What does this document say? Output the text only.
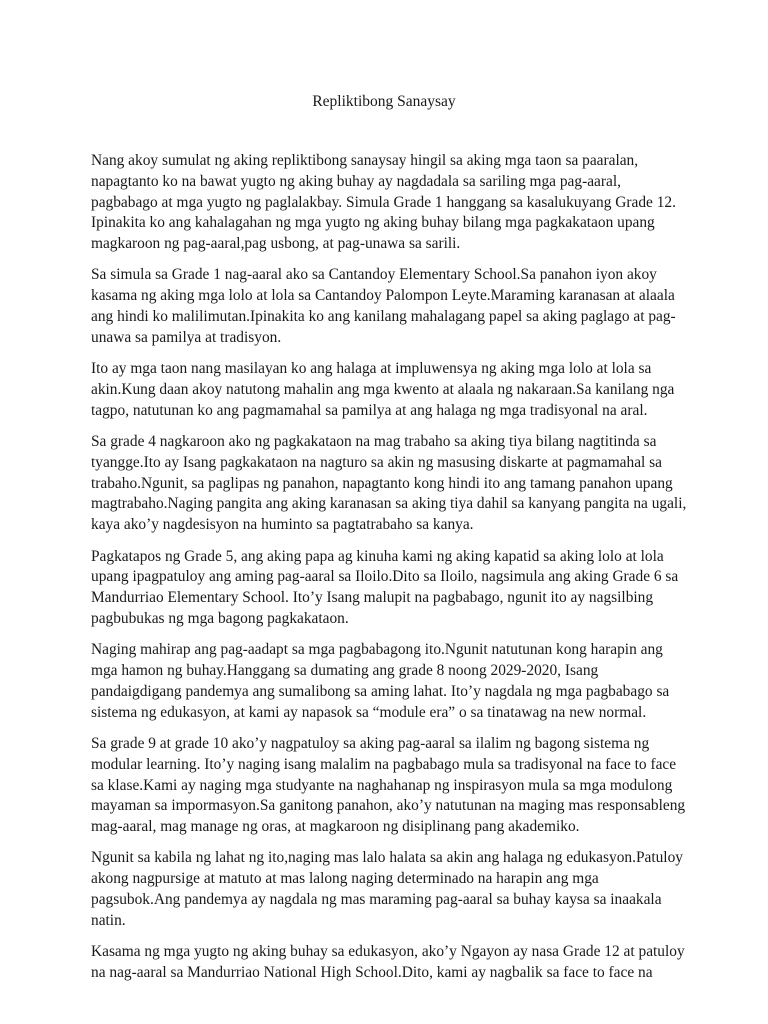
Repliktibong Sanaysay

Nang akoy sumulat ng aking repliktibong sanaysay hingil sa aking mga taon sa paaralan, napagtanto ko na bawat yugto ng aking buhay ay nagdadala sa sariling mga pag-aaral, pagbabago at mga yugto ng paglalakbay. Simula Grade 1 hanggang sa kasalukuyang Grade 12. Ipinakita ko ang kahalagahan ng mga yugto ng aking buhay bilang mga pagkakataon upang magkaroon ng pag-aaral,pag usbong, at pag-unawa sa sarili.

Sa simula sa Grade 1 nag-aaral ako sa Cantandoy Elementary School.Sa panahon iyon akoy kasama ng aking mga lolo at lola sa Cantandoy Palompon Leyte.Maraming karanasan at alaala ang hindi ko malilimutan.Ipinakita ko ang kanilang mahalagang papel sa aking paglago at pag-unawa sa pamilya at tradisyon.

Ito ay mga taon nang masilayan ko ang halaga at impluwensya ng aking mga lolo at lola sa akin.Kung daan akoy natutong mahalin ang mga kwento at alaala ng nakaraan.Sa kanilang nga tagpo, natutunan ko ang pagmamahal sa pamilya at ang halaga ng mga tradisyonal na aral.

Sa grade 4 nagkaroon ako ng pagkakataon na mag trabaho sa aking tiya bilang nagtitinda sa tyangge.Ito ay Isang pagkakataon na nagturo sa akin ng masusing diskarte at pagmamahal sa trabaho.Ngunit, sa paglipas ng panahon, napagtanto kong hindi ito ang tamang panahon upang magtrabaho.Naging pangita ang aking karanasan sa aking tiya dahil sa kanyang pangita na ugali, kaya ako’y nagdesisyon na huminto sa pagtatrabaho sa kanya.

Pagkatapos ng Grade 5, ang aking papa ag kinuha kami ng aking kapatid sa aking lolo at lola upang ipagpatuloy ang aming pag-aaral sa Iloilo.Dito sa Iloilo, nagsimula ang aking Grade 6 sa Mandurriao Elementary School. Ito’y Isang malupit na pagbabago, ngunit ito ay nagsilbing pagbubukas ng mga bagong pagkakataon.

Naging mahirap ang pag-aadapt sa mga pagbabagong ito.Ngunit natutunan kong harapin ang mga hamon ng buhay.Hanggang sa dumating ang grade 8 noong 2029-2020, Isang pandaigdigang pandemya ang sumalibong sa aming lahat. Ito’y nagdala ng mga pagbabago sa sistema ng edukasyon, at kami ay napasok sa “module era” o sa tinatawag na new normal.

Sa grade 9 at grade 10 ako’y nagpatuloy sa aking pag-aaral sa ilalim ng bagong sistema ng modular learning. Ito’y naging isang malalim na pagbabago mula sa tradisyonal na face to face sa klase.Kami ay naging mga studyante na naghahanap ng inspirasyon mula sa mga modulong mayaman sa impormasyon.Sa ganitong panahon, ako’y natutunan na maging mas responsableng mag-aaral, mag manage ng oras, at magkaroon ng disiplinang pang akademiko.

Ngunit sa kabila ng lahat ng ito,naging mas lalo halata sa akin ang halaga ng edukasyon.Patuloy akong nagpursige at matuto at mas lalong naging determinado na harapin ang mga pagsubok.Ang pandemya ay nagdala ng mas maraming pag-aaral sa buhay kaysa sa inaakala natin.

Kasama ng mga yugto ng aking buhay sa edukasyon, ako’y Ngayon ay nasa Grade 12 at patuloy na nag-aaral sa Mandurriao National High School.Dito, kami ay nagbalik sa face to face na
